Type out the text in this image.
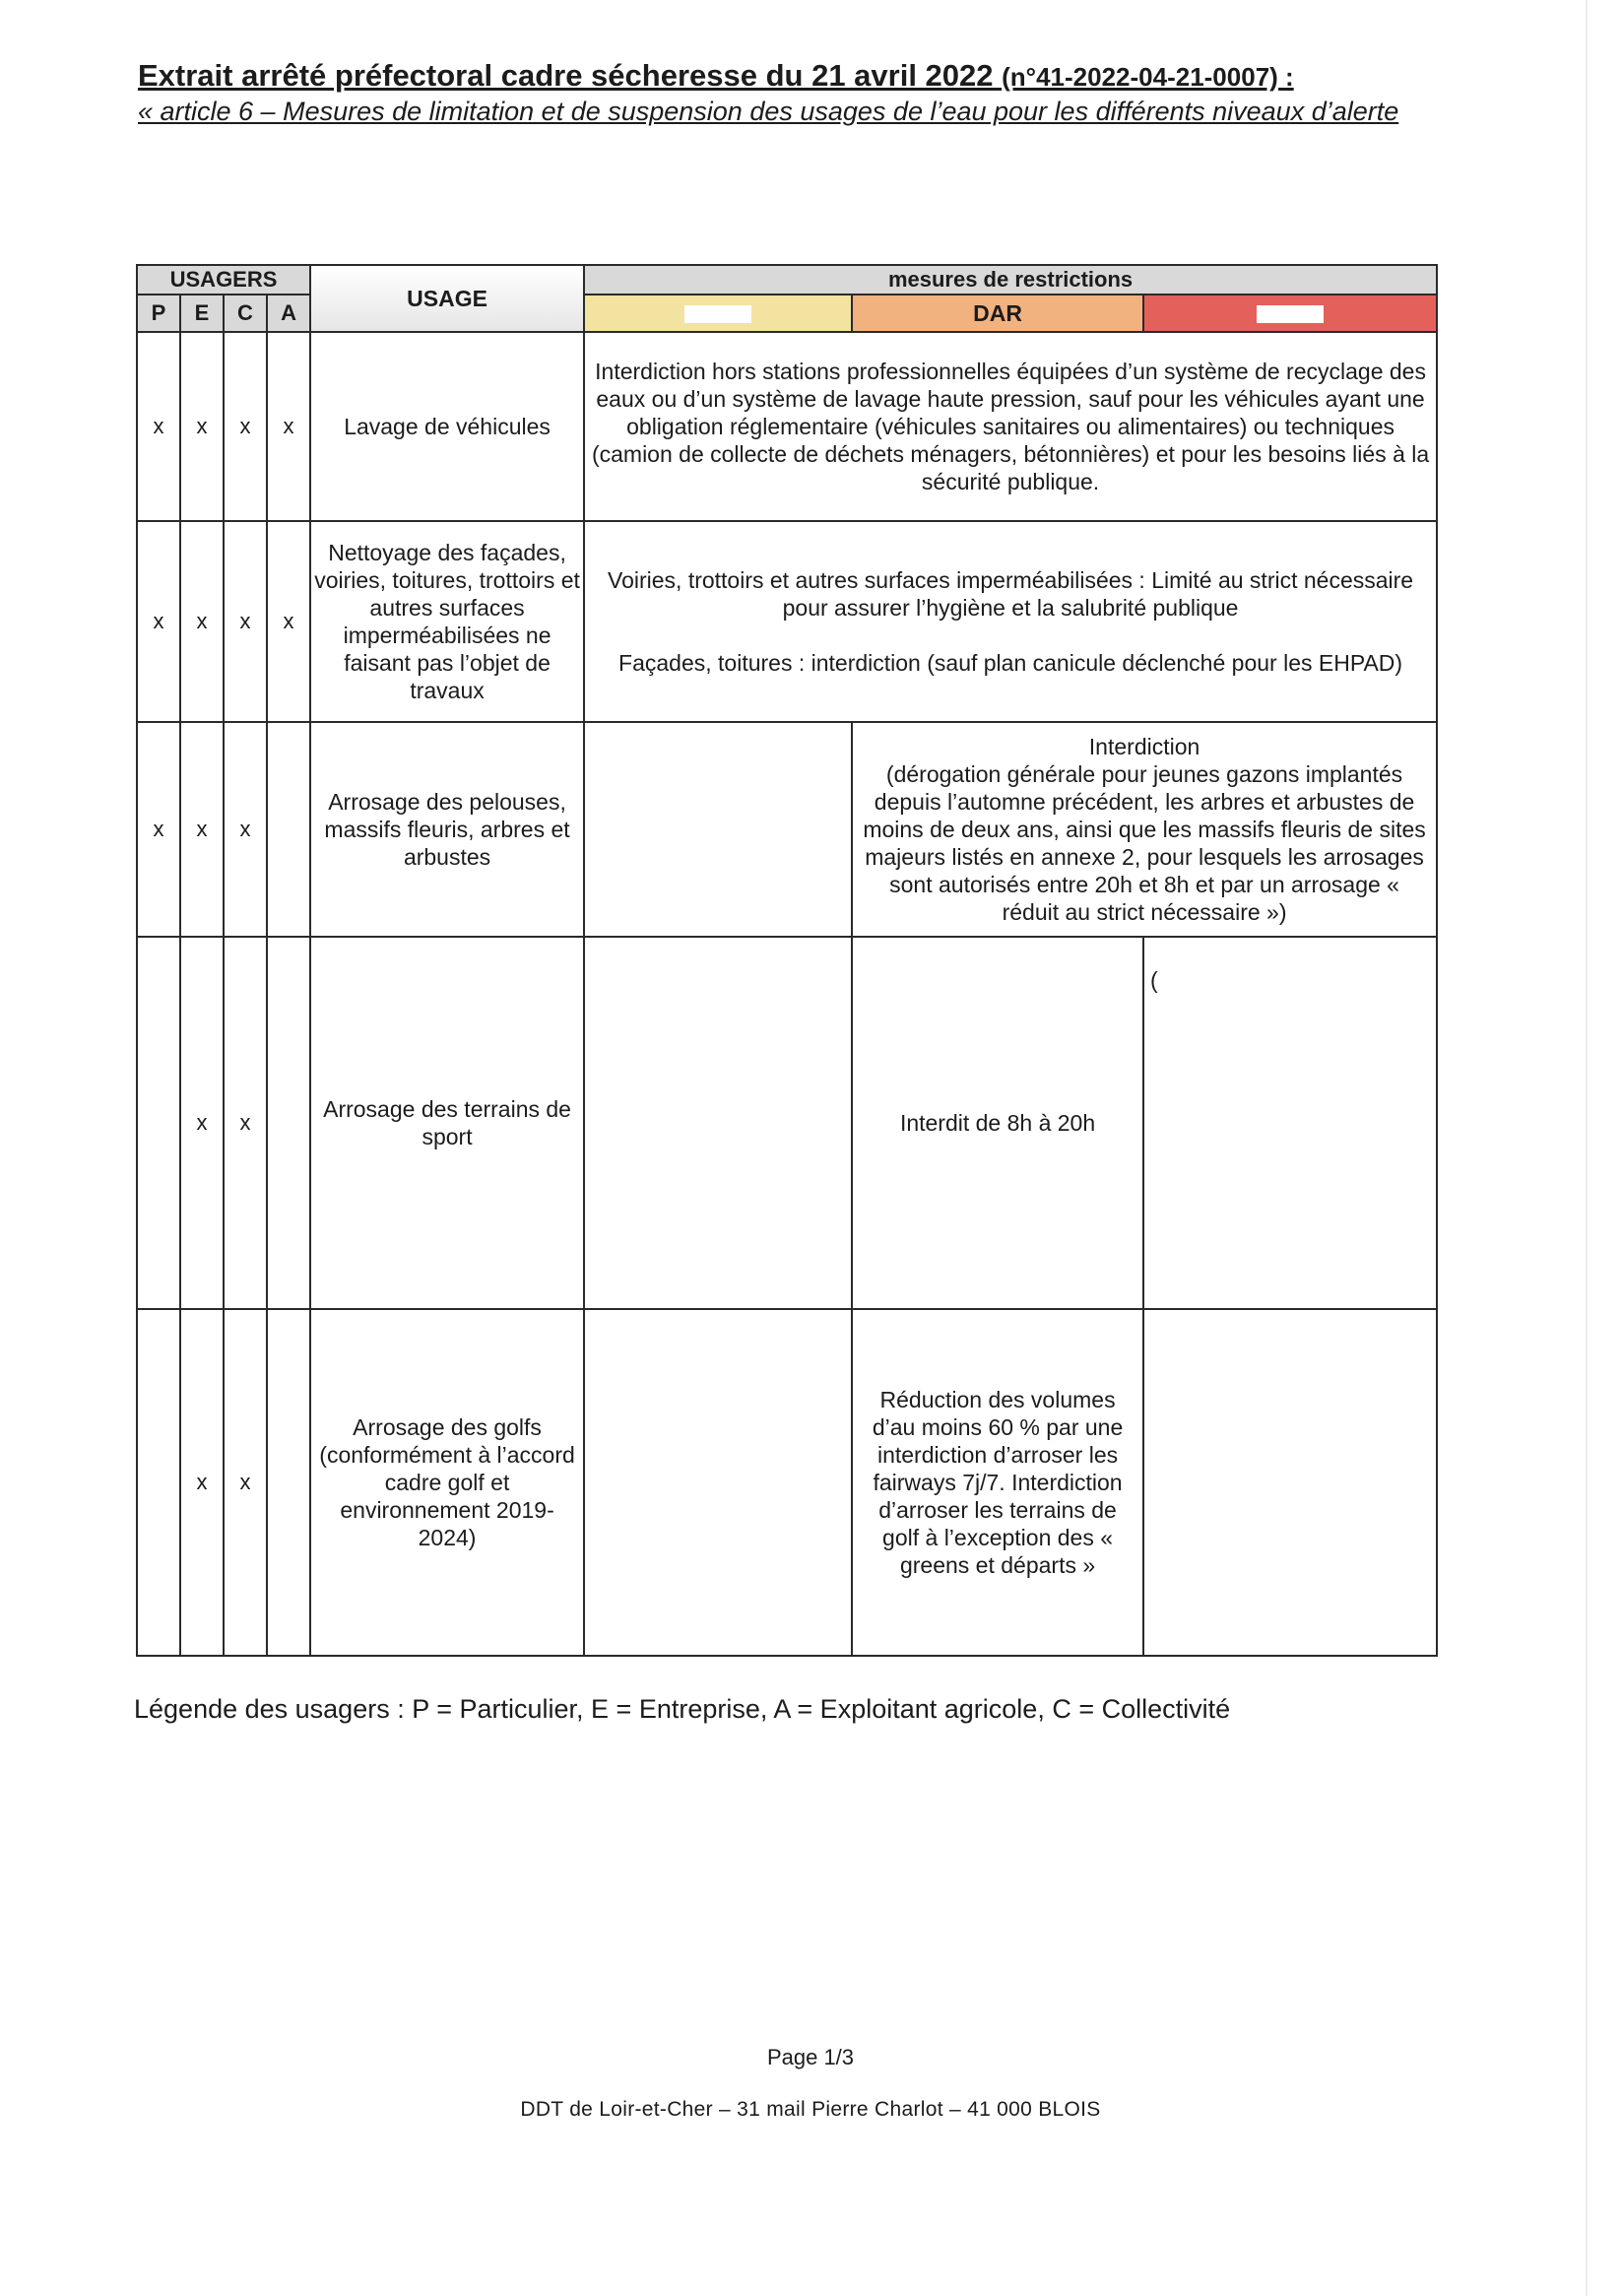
Extrait arrêté préfectoral cadre sécheresse du 21 avril 2022 (n°41-2022-04-21-0007) :
« article 6 – Mesures de limitation et de suspension des usages de l’eau pour les différents niveaux d’alerte
USAGERS				USAGE	mesures de restrictions		
P	E	C	A			DAR	
x	x	x	x	Lavage de véhicules	Interdiction hors stations professionnelles équipées d’un système de recyclage des eaux ou d’un système de lavage haute pression, sauf pour les véhicules ayant une obligation réglementaire (véhicules sanitaires ou alimentaires) ou techniques (camion de collecte de déchets ménagers, bétonnières) et pour les besoins liés à la sécurité publique.		
x	x	x	x	Nettoyage des façades, voiries, toitures, trottoirs et autres surfaces imperméabilisées ne faisant pas l’objet de travaux	Voiries, trottoirs et autres surfaces imperméabilisées : Limité au strict nécessaire pour assurer l’hygiène et la salubrité publique

Façades, toitures : interdiction (sauf plan canicule déclenché pour les EHPAD)		

x	x	x		Arrosage des pelouses, massifs fleuris, arbres et arbustes		Interdiction

(dérogation générale pour jeunes gazons implantés depuis l’automne précédent, les arbres et arbustes de moins de deux ans, ainsi que les massifs fleuris de sites majeurs listés en annexe 2, pour lesquels les arrosages sont autorisés entre 20h et 8h et par un arrosage « réduit au strict nécessaire »)	

	x	x		Arrosage des terrains de sport		Interdit de 8h à 20h	(
	x	x		Arrosage des golfs (conformément à l’accord cadre golf et environnement 2019-2024)		Réduction des volumes d’au moins 60 % par une interdiction d’arroser les fairways 7j/7. Interdiction d’arroser les terrains de golf à l’exception des « greens et départs »	
Légende des usagers : P = Particulier, E = Entreprise, A = Exploitant agricole, C = Collectivité
Page 1/3
DDT de Loir-et-Cher – 31 mail Pierre Charlot – 41 000 BLOIS
